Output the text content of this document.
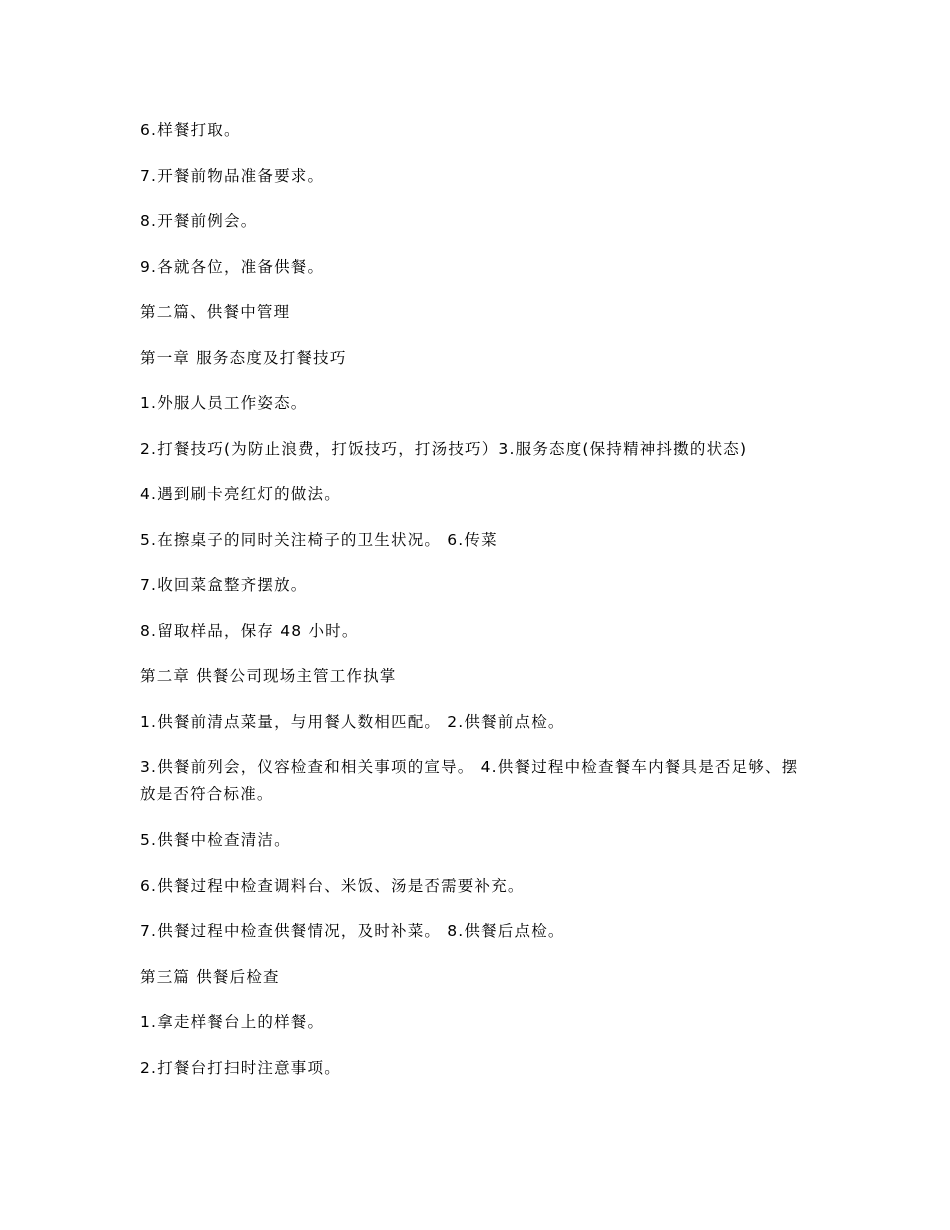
6.样餐打取。

7.开餐前物品准备要求。

8.开餐前例会。

9.各就各位，准备供餐。

第二篇、供餐中管理

第一章 服务态度及打餐技巧

1.外服人员工作姿态。

2.打餐技巧(为防止浪费，打饭技巧，打汤技巧）3.服务态度(保持精神抖擞的状态)

4.遇到刷卡亮红灯的做法。

5.在擦桌子的同时关注椅子的卫生状况。 6.传菜

7.收回菜盒整齐摆放。

8.留取样品，保存 48 小时。

第二章 供餐公司现场主管工作执掌

1.供餐前清点菜量，与用餐人数相匹配。 2.供餐前点检。

3.供餐前列会，仪容检查和相关事项的宣导。 4.供餐过程中检查餐车内餐具是否足够、摆放是否符合标准。

5.供餐中检查清洁。

6.供餐过程中检查调料台、米饭、汤是否需要补充。

7.供餐过程中检查供餐情况，及时补菜。 8.供餐后点检。

第三篇 供餐后检查

1.拿走样餐台上的样餐。

2.打餐台打扫时注意事项。
